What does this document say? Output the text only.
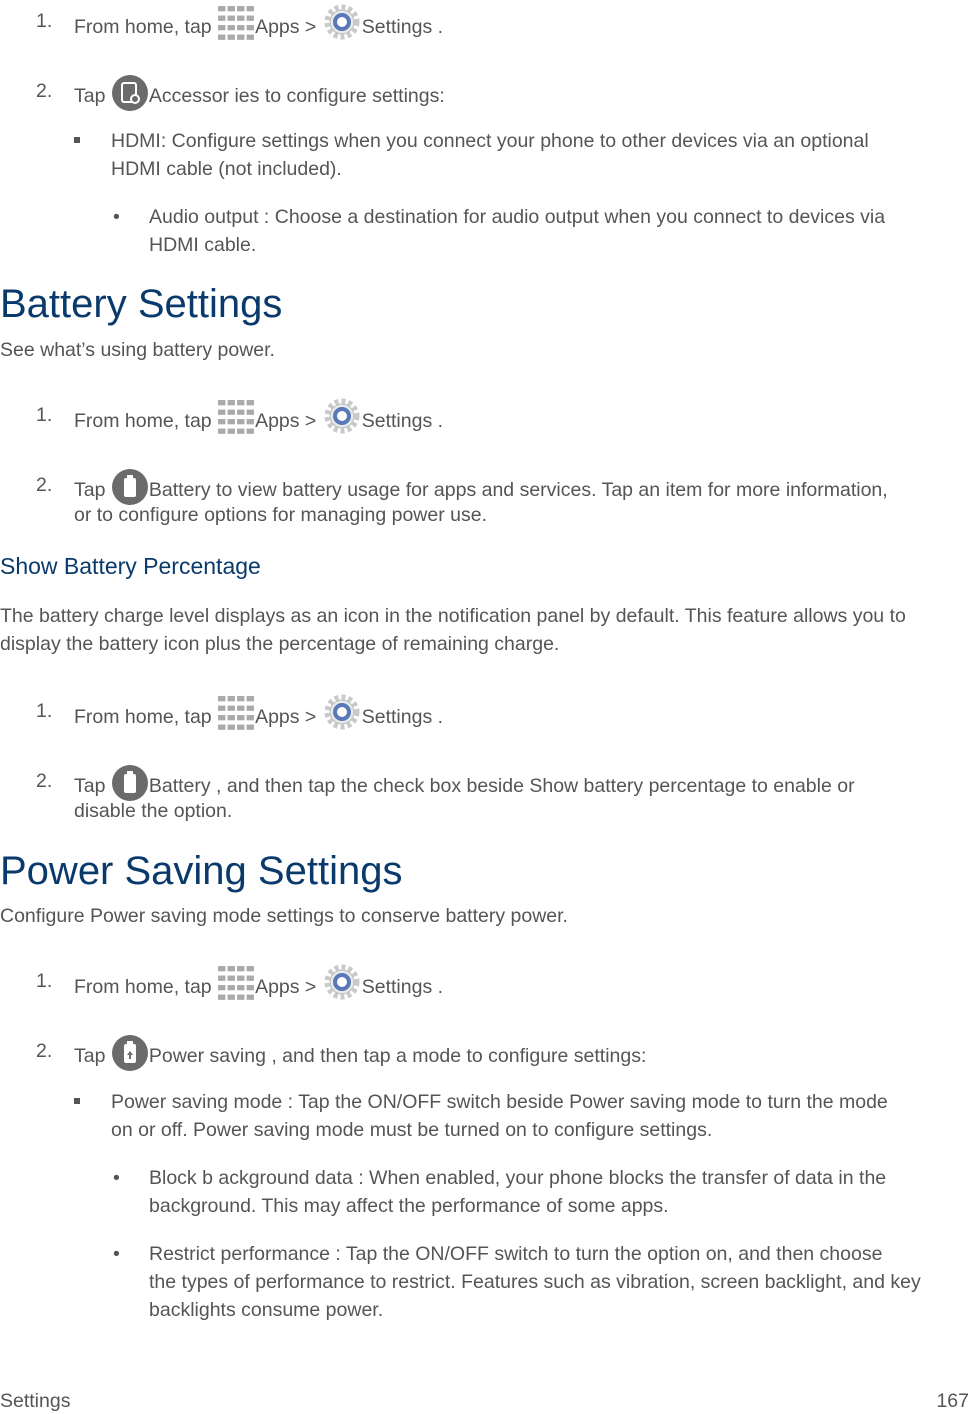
1. From home, tap Apps > Settings .
2. Tap Accessor ies to configure settings:
HDMI: Configure settings when you connect your phone to other devices via an optional
HDMI cable (not included).
• Audio output : Choose a destination for audio output when you connect to devices via
HDMI cable.
Battery Settings
See what’s using battery power.
1. From home, tap Apps > Settings .
2. Tap Battery to view battery usage for apps and services. Tap an item for more information,
or to configure options for managing power use.
Show Battery Percentage
The battery charge level displays as an icon in the notification panel by default. This feature allows you to
display the battery icon plus the percentage of remaining charge.
1. From home, tap Apps > Settings .
2. Tap Battery , and then tap the check box beside Show battery percentage to enable or
disable the option.
Power Saving Settings
Configure Power saving mode settings to conserve battery power.
1. From home, tap Apps > Settings .
2. Tap Power saving , and then tap a mode to configure settings:
Power saving mode : Tap the ON/OFF switch beside Power saving mode to turn the mode
on or off. Power saving mode must be turned on to configure settings.
• Block b ackground data : When enabled, your phone blocks the transfer of data in the
background. This may affect the performance of some apps.
• Restrict performance : Tap the ON/OFF switch to turn the option on, and then choose
the types of performance to restrict. Features such as vibration, screen backlight, and key
backlights consume power.
Settings	167
